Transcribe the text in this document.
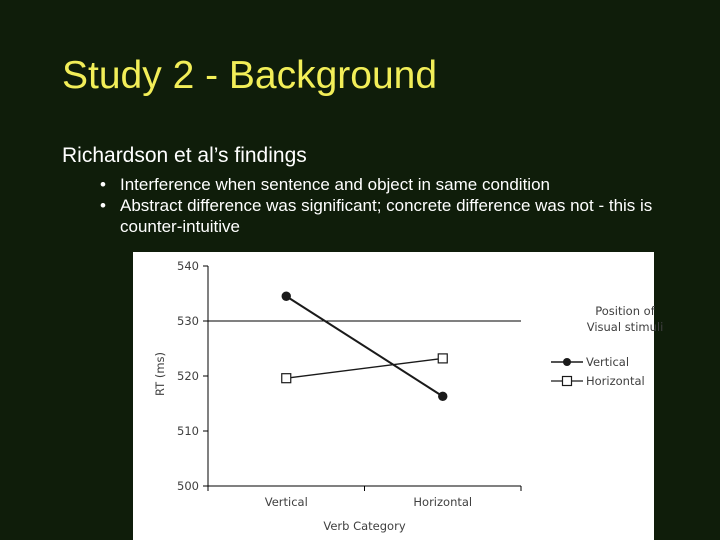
Study 2 - Background
Richardson et al’s findings
• Interference when sentence and object in same condition
• Abstract difference was significant; concrete difference was not - this is counter-intuitive
500
510
520
530
540
Vertical	Horizontal
Verb Category
RT (ms)
Position of
Visual stimuli
Vertical
Horizontal
